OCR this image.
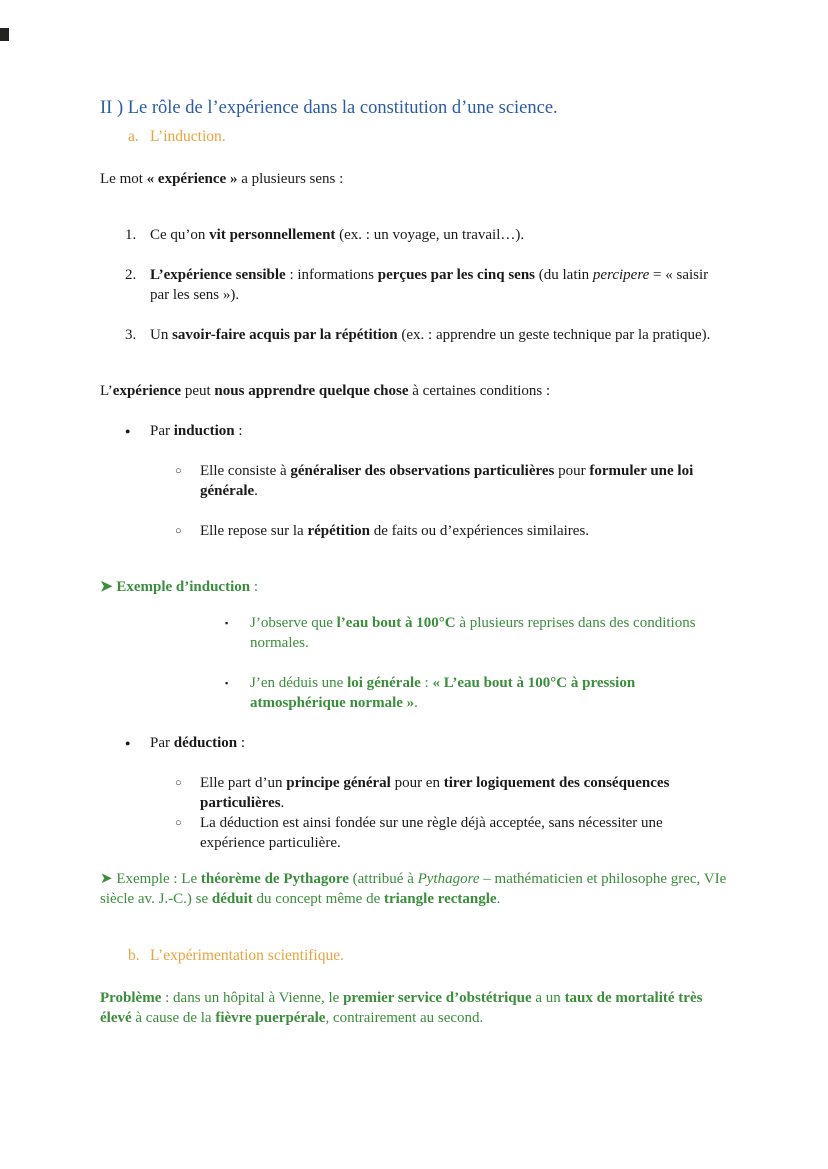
II ) Le rôle de l’expérience dans la constitution d’une science.
a. L’induction.

Le mot « expérience » a plusieurs sens :

1. Ce qu’on vit personnellement (ex. : un voyage, un travail…).
2. L’expérience sensible : informations perçues par les cinq sens (du latin percipere = « saisir par les sens »).
3. Un savoir-faire acquis par la répétition (ex. : apprendre un geste technique par la pratique).

L’expérience peut nous apprendre quelque chose à certaines conditions :

●	Par induction :
○	Elle consiste à généraliser des observations particulières pour formuler une loi générale.
○	Elle repose sur la répétition de faits ou d’expériences similaires.

➤ Exemple d’induction :

▪	J’observe que l’eau bout à 100°C à plusieurs reprises dans des conditions normales.
▪	J’en déduis une loi générale : « L’eau bout à 100°C à pression atmosphérique normale ».
●	Par déduction :
○	Elle part d’un principe général pour en tirer logiquement des conséquences particulières.
○	La déduction est ainsi fondée sur une règle déjà acceptée, sans nécessiter une expérience particulière.

➤ Exemple : Le théorème de Pythagore (attribué à Pythagore – mathématicien et philosophe grec, VIe siècle av. J.-C.) se déduit du concept même de triangle rectangle.

b. L’expérimentation scientifique.

Problème : dans un hôpital à Vienne, le premier service d’obstétrique a un taux de mortalité très élevé à cause de la fièvre puerpérale, contrairement au second.
